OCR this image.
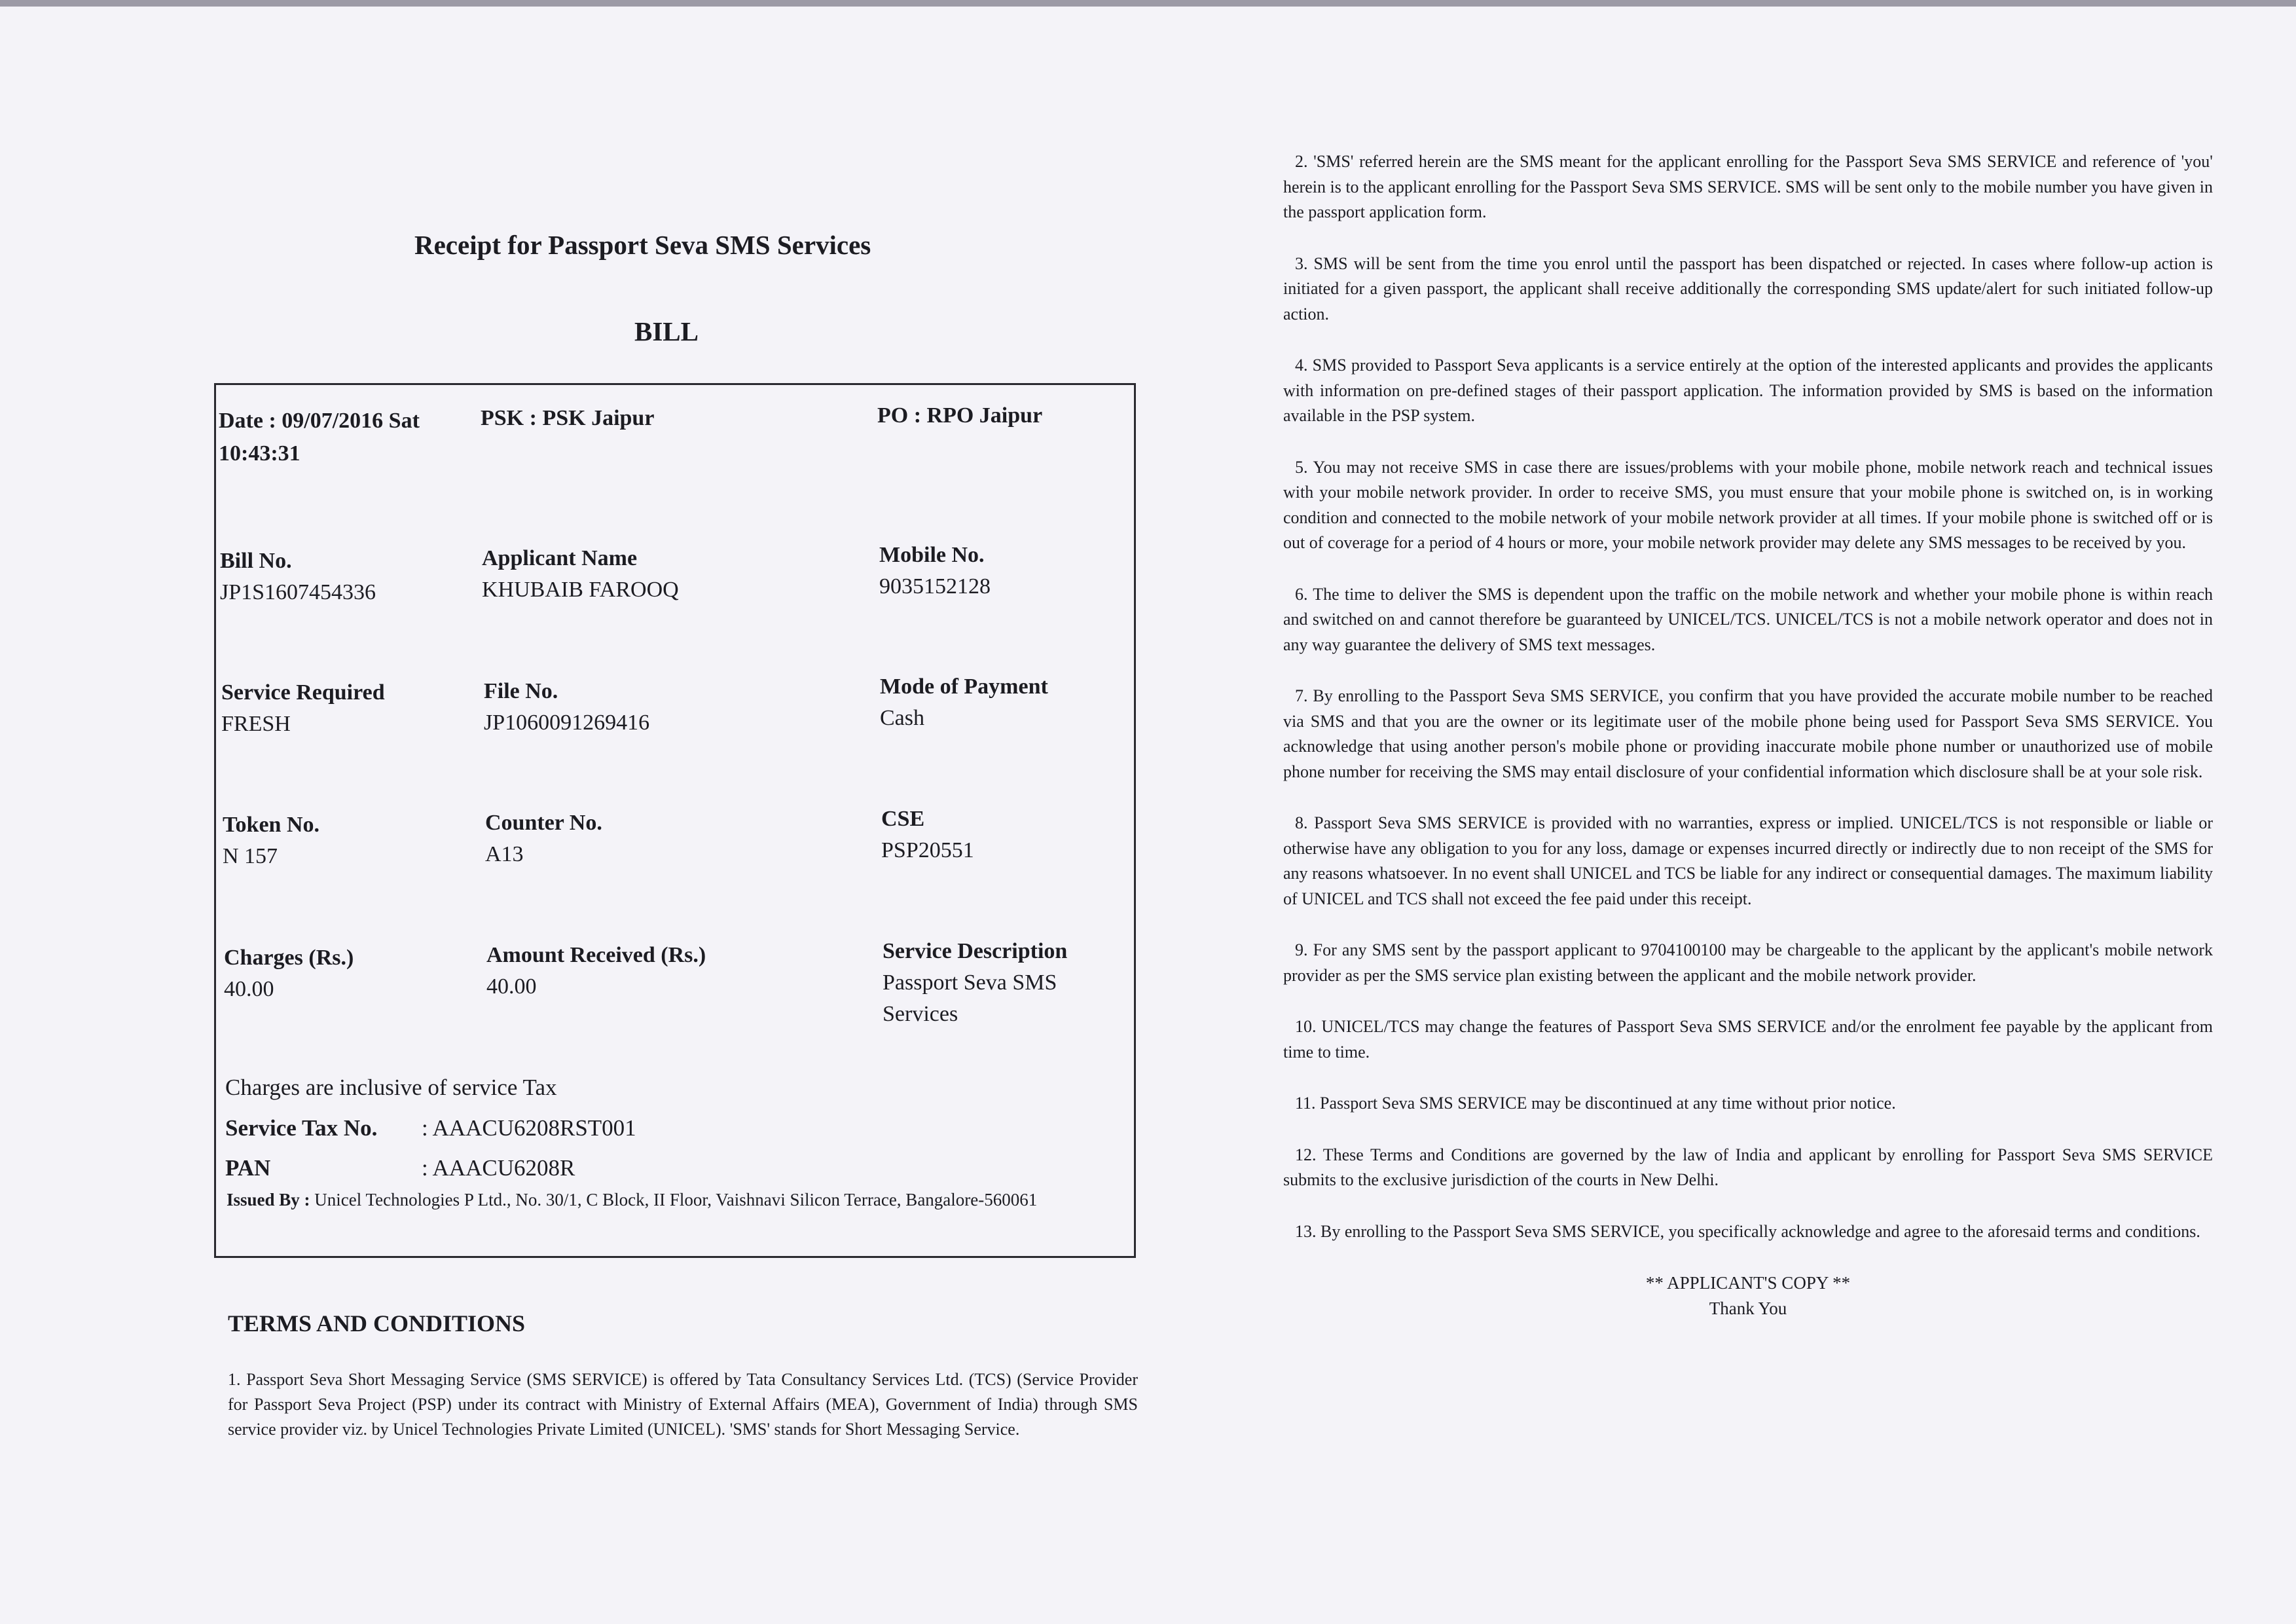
Receipt for Passport Seva SMS Services
BILL
Date : 09/07/2016 Sat
10:43:31
PSK : PSK Jaipur	PO : RPO Jaipur
Bill No.
JP1S1607454336
Applicant Name
KHUBAIB FAROOQ
Mobile No.
9035152128
Service Required
FRESH
File No.
JP1060091269416
Mode of Payment
Cash
Token No.
N 157
Counter No.
A13
CSE
PSP20551
Charges (Rs.)
40.00
Amount Received (Rs.)
40.00
Service Description
Passport Seva SMS
Services
Charges are inclusive of service Tax
Service Tax No. : AAACU6208RST001
PAN	: AAACU6208R
Issued By : Unicel Technologies P Ltd., No. 30/1, C Block, II Floor, Vaishnavi Silicon Terrace, Bangalore-560061
TERMS AND CONDITIONS
1. Passport Seva Short Messaging Service (SMS SERVICE) is offered by Tata Consultancy Services Ltd. (TCS) (Service Provider for Passport Seva Project (PSP) under its contract with Ministry of External Affairs (MEA), Government of India) through SMS service provider viz. by Unicel Technologies Private Limited (UNICEL). 'SMS' stands for Short Messaging Service.

2. 'SMS' referred herein are the SMS meant for the applicant enrolling for the Passport Seva SMS SERVICE and reference of 'you' herein is to the applicant enrolling for the Passport Seva SMS SERVICE. SMS will be sent only to the mobile number you have given in the passport application form.

3. SMS will be sent from the time you enrol until the passport has been dispatched or rejected. In cases where follow-up action is initiated for a given passport, the applicant shall receive additionally the corresponding SMS update/alert for such initiated follow-up action.

4. SMS provided to Passport Seva applicants is a service entirely at the option of the interested applicants and provides the applicants with information on pre-defined stages of their passport application. The information provided by SMS is based on the information available in the PSP system.

5. You may not receive SMS in case there are issues/problems with your mobile phone, mobile network reach and technical issues with your mobile network provider. In order to receive SMS, you must ensure that your mobile phone is switched on, is in working condition and connected to the mobile network of your mobile network provider at all times. If your mobile phone is switched off or is out of coverage for a period of 4 hours or more, your mobile network provider may delete any SMS messages to be received by you.

6. The time to deliver the SMS is dependent upon the traffic on the mobile network and whether your mobile phone is within reach and switched on and cannot therefore be guaranteed by UNICEL/TCS. UNICEL/TCS is not a mobile network operator and does not in any way guarantee the delivery of SMS text messages.

7. By enrolling to the Passport Seva SMS SERVICE, you confirm that you have provided the accurate mobile number to be reached via SMS and that you are the owner or its legitimate user of the mobile phone being used for Passport Seva SMS SERVICE. You acknowledge that using another person's mobile phone or providing inaccurate mobile phone number or unauthorized use of mobile phone number for receiving the SMS may entail disclosure of your confidential information which disclosure shall be at your sole risk.

8. Passport Seva SMS SERVICE is provided with no warranties, express or implied. UNICEL/TCS is not responsible or liable or otherwise have any obligation to you for any loss, damage or expenses incurred directly or indirectly due to non receipt of the SMS for any reasons whatsoever. In no event shall UNICEL and TCS be liable for any indirect or consequential damages. The maximum liability of UNICEL and TCS shall not exceed the fee paid under this receipt.

9. For any SMS sent by the passport applicant to 9704100100 may be chargeable to the applicant by the applicant's mobile network provider as per the SMS service plan existing between the applicant and the mobile network provider.

10. UNICEL/TCS may change the features of Passport Seva SMS SERVICE and/or the enrolment fee payable by the applicant from time to time.

11. Passport Seva SMS SERVICE may be discontinued at any time without prior notice.

12. These Terms and Conditions are governed by the law of India and applicant by enrolling for Passport Seva SMS SERVICE submits to the exclusive jurisdiction of the courts in New Delhi.

13. By enrolling to the Passport Seva SMS SERVICE, you specifically acknowledge and agree to the aforesaid terms and conditions.

** APPLICANT'S COPY **
Thank You
